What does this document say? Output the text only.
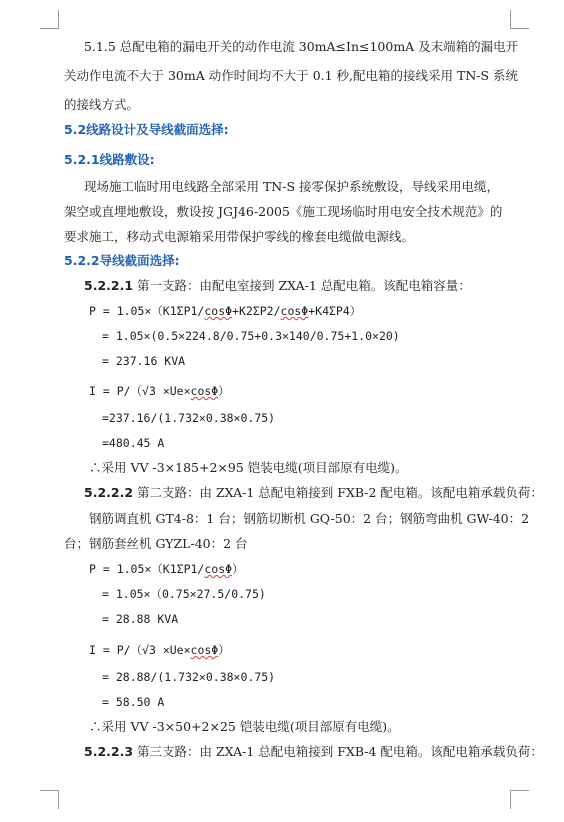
5.1.5 总配电箱的漏电开关的动作电流 30mA≤In≤100mA 及末端箱的漏电开
关动作电流不大于 30mA 动作时间均不大于 0.1 秒,配电箱的接线采用 TN-S 系统
的接线方式。
5.2线路设计及导线截面选择:
5.2.1线路敷设:
现场施工临时用电线路全部采用 TN-S 接零保护系统敷设，导线采用电缆，
架空或直埋地敷设，敷设按 JGJ46-2005《施工现场临时用电安全技术规范》的
要求施工，移动式电源箱采用带保护零线的橡套电缆做电源线。
5.2.2导线截面选择:
5.2.2.1 第一支路：由配电室接到 ZXA-1 总配电箱。该配电箱容量：
P = 1.05×（K1ΣP1/cosΦ+K2ΣP2/cosΦ+K4ΣP4）
= 1.05×(0.5×224.8/0.75+0.3×140/0.75+1.0×20)
= 237.16 KVA
I = P/（√3 ×Ue×cosΦ）
=237.16/(1.732×0.38×0.75)
=480.45 A
∴采用 VV -3×185+2×95 铠装电缆(项目部原有电缆)。
5.2.2.2 第二支路：由 ZXA-1 总配电箱接到 FXB-2 配电箱。该配电箱承载负荷：
钢筋调直机 GT4-8：1 台；钢筋切断机 GQ-50：2 台；钢筋弯曲机 GW-40：2
台；钢筋套丝机 GYZL-40：2 台
P = 1.05×（K1ΣP1/cosΦ）
= 1.05×（0.75×27.5/0.75)
= 28.88 KVA
I = P/（√3 ×Ue×cosΦ）
= 28.88/(1.732×0.38×0.75)
= 58.50 A
∴采用 VV -3×50+2×25 铠装电缆(项目部原有电缆)。
5.2.2.3 第三支路：由 ZXA-1 总配电箱接到 FXB-4 配电箱。该配电箱承载负荷：
